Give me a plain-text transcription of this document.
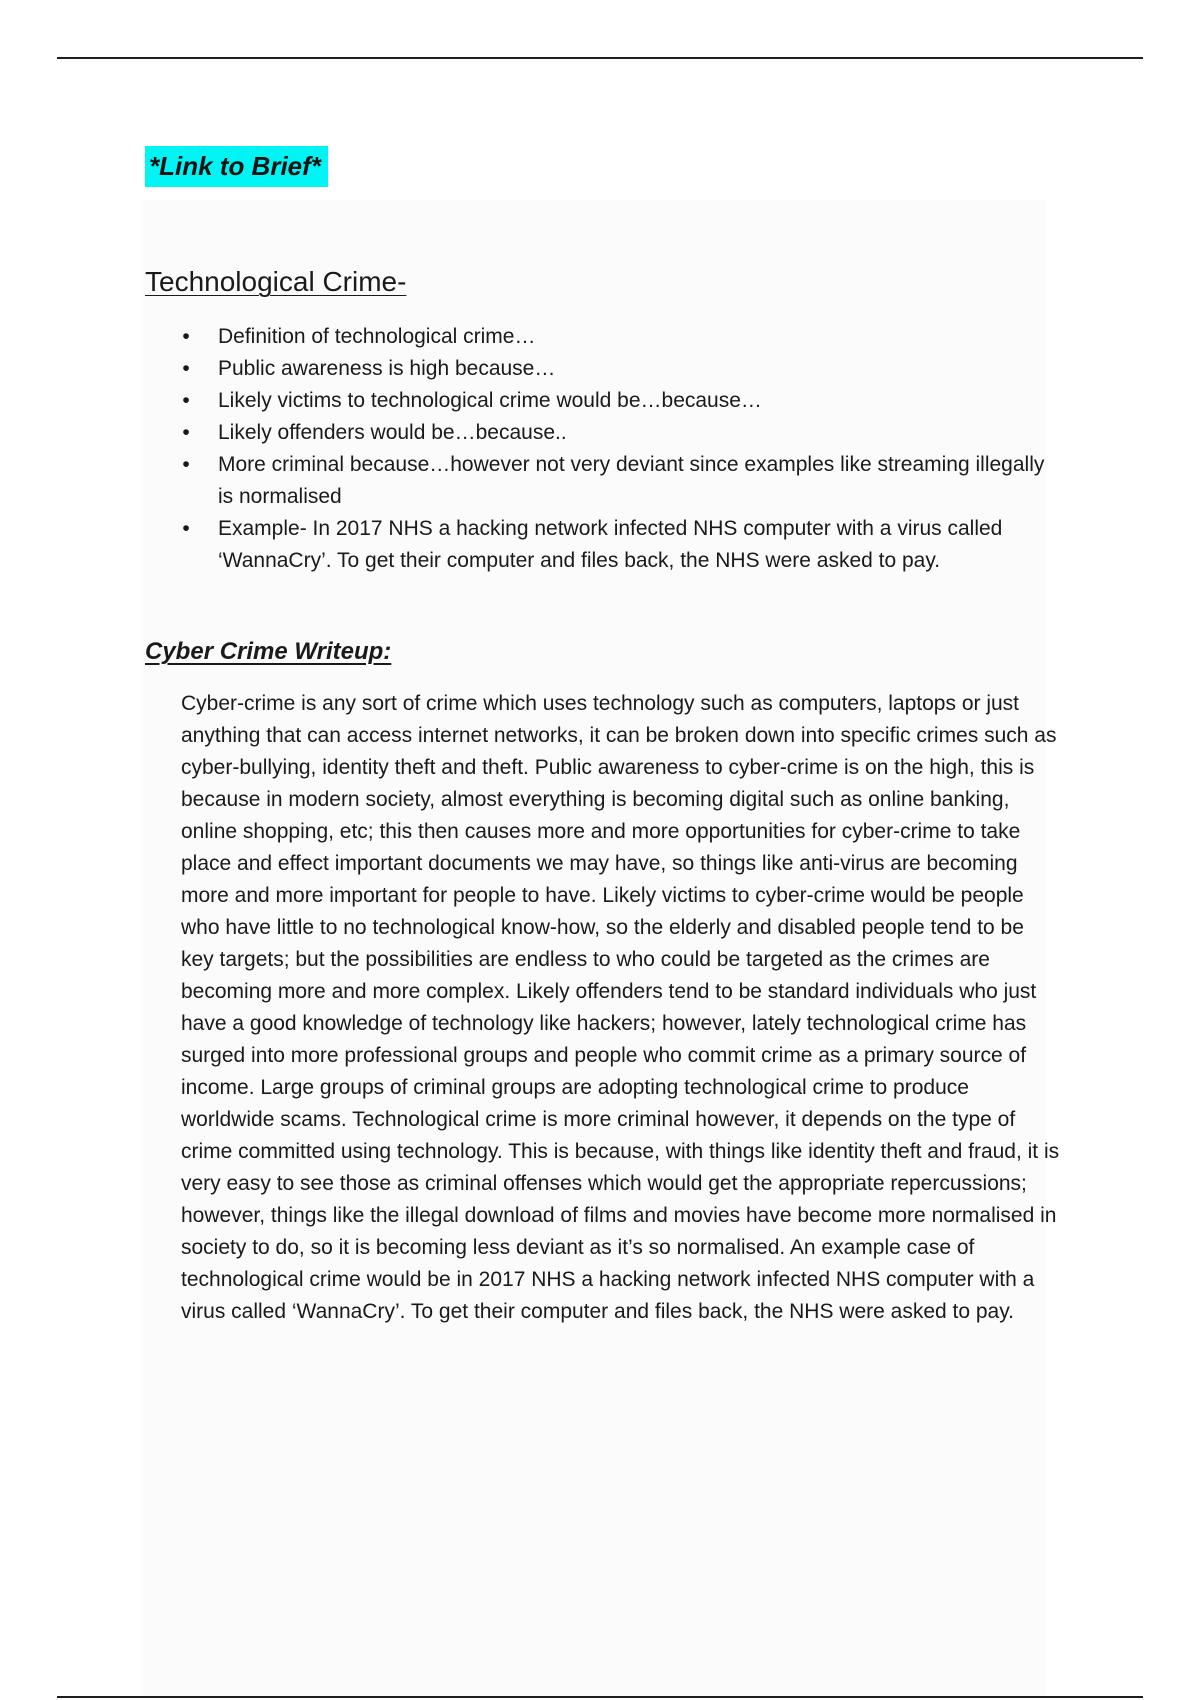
*Link to Brief*
Technological Crime-
• Definition of technological crime…
• Public awareness is high because…
• Likely victims to technological crime would be…because…
• Likely offenders would be…because..
• More criminal because…however not very deviant since examples like streaming illegally is normalised
• Example- In 2017 NHS a hacking network infected NHS computer with a virus called ‘WannaCry’. To get their computer and files back, the NHS were asked to pay.
Cyber Crime Writeup:

Cyber-crime is any sort of crime which uses technology such as computers, laptops or just anything that can access internet networks, it can be broken down into specific crimes such as cyber-bullying, identity theft and theft. Public awareness to cyber-crime is on the high, this is because in modern society, almost everything is becoming digital such as online banking, online shopping, etc; this then causes more and more opportunities for cyber-crime to take place and effect important documents we may have, so things like anti-virus are becoming more and more important for people to have. Likely victims to cyber-crime would be people who have little to no technological know-how, so the elderly and disabled people tend to be key targets; but the possibilities are endless to who could be targeted as the crimes are becoming more and more complex. Likely offenders tend to be standard individuals who just have a good knowledge of technology like hackers; however, lately technological crime has surged into more professional groups and people who commit crime as a primary source of income. Large groups of criminal groups are adopting technological crime to produce worldwide scams. Technological crime is more criminal however, it depends on the type of crime committed using technology. This is because, with things like identity theft and fraud, it is very easy to see those as criminal offenses which would get the appropriate repercussions; however, things like the illegal download of films and movies have become more normalised in society to do, so it is becoming less deviant as it’s so normalised. An example case of technological crime would be in 2017 NHS a hacking network infected NHS computer with a virus called ‘WannaCry’. To get their computer and files back, the NHS were asked to pay.
